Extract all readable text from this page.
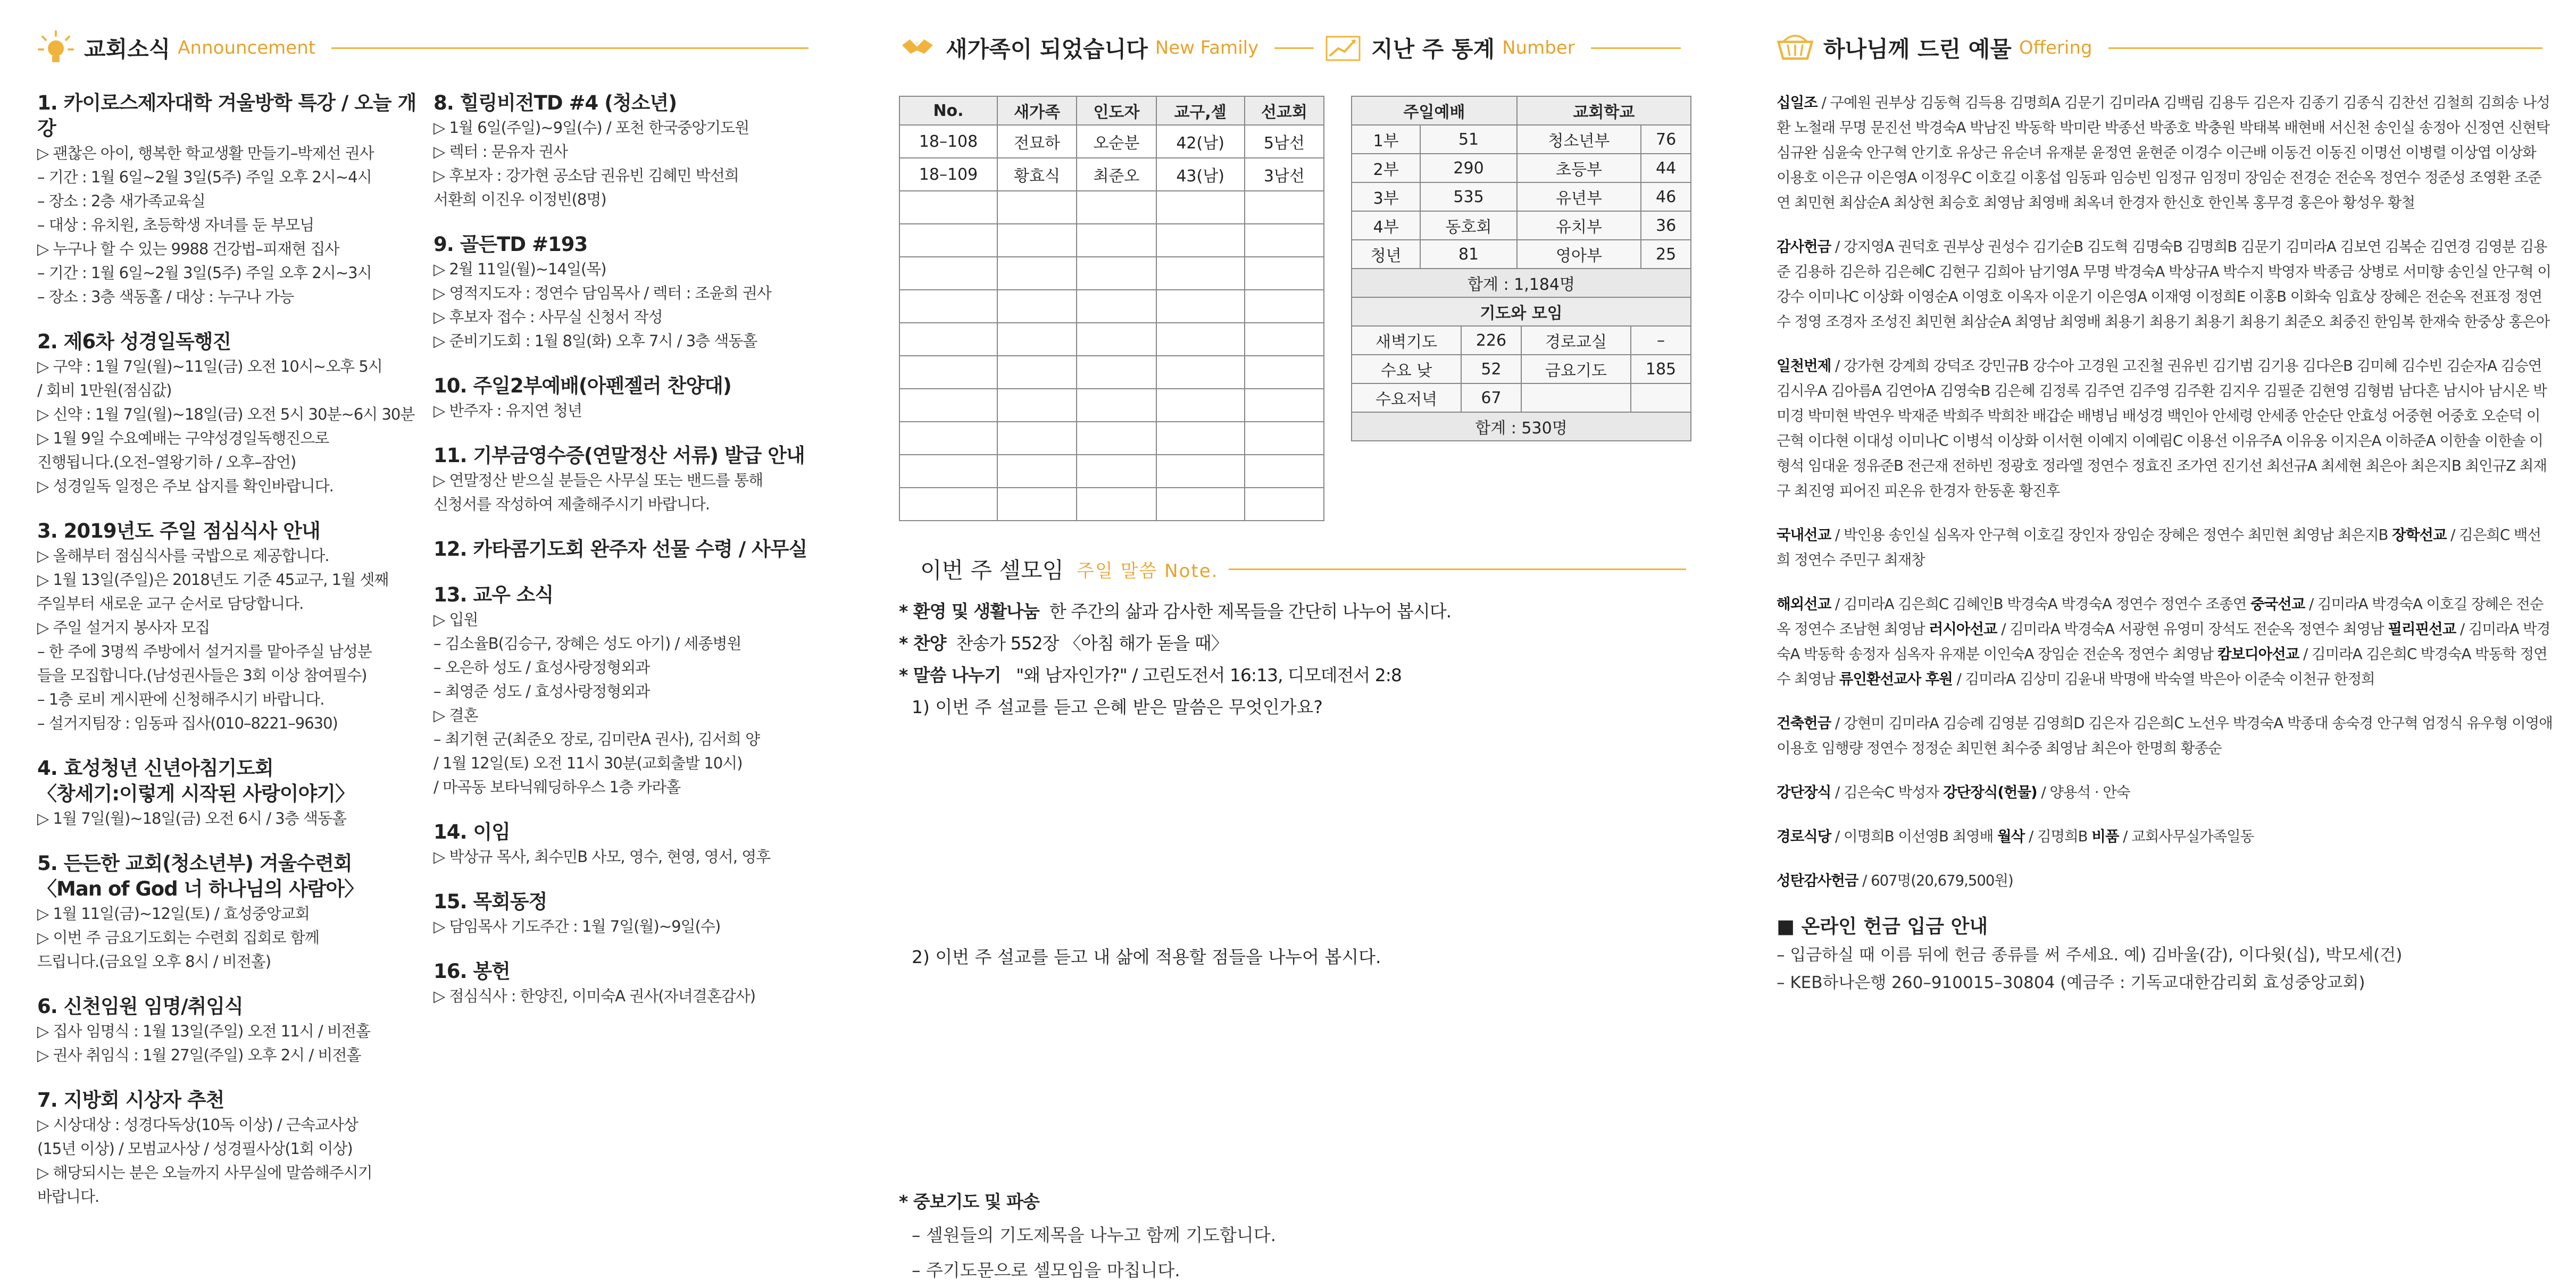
교회소식 Announcement
1. 카이로스제자대학 겨울방학 특강 / 오늘 개강
▷ 괜찮은 아이, 행복한 학교생활 만들기–박제선 권사
– 기간 : 1월 6일~2월 3일(5주) 주일 오후 2시~4시
– 장소 : 2층 새가족교육실
– 대상 : 유치원, 초등학생 자녀를 둔 부모님
▷ 누구나 할 수 있는 9988 건강법–피재현 집사
– 기간 : 1월 6일~2월 3일(5주) 주일 오후 2시~3시
– 장소 : 3층 색동홀 / 대상 : 누구나 가능
2. 제6차 성경일독행진
▷ 구약 : 1월 7일(월)~11일(금) 오전 10시~오후 5시
/ 회비 1만원(점심값)
▷ 신약 : 1월 7일(월)~18일(금) 오전 5시 30분~6시 30분
▷ 1월 9일 수요예배는 구약성경일독행진으로
진행됩니다.(오전–열왕기하 / 오후–잠언)
▷ 성경일독 일정은 주보 삽지를 확인바랍니다.
3. 2019년도 주일 점심식사 안내
▷ 올해부터 점심식사를 국밥으로 제공합니다.
▷ 1월 13일(주일)은 2018년도 기준 45교구, 1월 셋째
주일부터 새로운 교구 순서로 담당합니다.
▷ 주일 설거지 봉사자 모집
– 한 주에 3명씩 주방에서 설거지를 맡아주실 남성분
들을 모집합니다.(남성권사들은 3회 이상 참여필수)
– 1층 로비 게시판에 신청해주시기 바랍니다.
– 설거지팀장 : 임동파 집사(010–8221–9630)
4. 효성청년 신년아침기도회
〈창세기:이렇게 시작된 사랑이야기〉
▷ 1월 7일(월)~18일(금) 오전 6시 / 3층 색동홀
5. 든든한 교회(청소년부) 겨울수련회
〈Man of God 너 하나님의 사람아〉
▷ 1월 11일(금)~12일(토) / 효성중앙교회
▷ 이번 주 금요기도회는 수련회 집회로 함께
드립니다.(금요일 오후 8시 / 비전홀)
6. 신천임원 임명/취임식
▷ 집사 임명식 : 1월 13일(주일) 오전 11시 / 비전홀
▷ 권사 취임식 : 1월 27일(주일) 오후 2시 / 비전홀
7. 지방회 시상자 추천
▷ 시상대상 : 성경다독상(10독 이상) / 근속교사상
(15년 이상) / 모범교사상 / 성경필사상(1회 이상)
▷ 해당되시는 분은 오늘까지 사무실에 말씀해주시기
바랍니다.
8. 힐링비전TD #4 (청소년)
▷ 1월 6일(주일)~9일(수) / 포천 한국중앙기도원
▷ 렉터 : 문유자 권사
▷ 후보자 : 강가현 공소담 권유빈 김혜민 박선희
서환희 이진우 이정빈(8명)
9. 골든TD #193
▷ 2월 11일(월)~14일(목)
▷ 영적지도자 : 정연수 담임목사 / 렉터 : 조윤희 권사
▷ 후보자 접수 : 사무실 신청서 작성
▷ 준비기도회 : 1월 8일(화) 오후 7시 / 3층 색동홀
10. 주일2부예배(아펜젤러 찬양대)
▷ 반주자 : 유지연 청년
11. 기부금영수증(연말정산 서류) 발급 안내
▷ 연말정산 받으실 분들은 사무실 또는 밴드를 통해
신청서를 작성하여 제출해주시기 바랍니다.
12. 카타콤기도회 완주자 선물 수령 / 사무실
13. 교우 소식
▷ 입원
– 김소율B(김승구, 장혜은 성도 아기) / 세종병원
– 오은하 성도 / 효성사랑정형외과
– 최영준 성도 / 효성사랑정형외과
▷ 결혼
– 최기현 군(최준오 장로, 김미란A 권사), 김서희 양
/ 1월 12일(토) 오전 11시 30분(교회출발 10시)
/ 마곡동 보타닉웨딩하우스 1층 카라홀
14. 이임
▷ 박상규 목사, 최수민B 사모, 영수, 현영, 영서, 영후
15. 목회동정
▷ 담임목사 기도주간 : 1월 7일(월)~9일(수)
16. 봉헌
▷ 점심식사 : 한양진, 이미숙A 권사(자녀결혼감사)
새가족이 되었습니다 New Family	지난 주 통계 Number
No.	새가족	인도자	교구,셀	선교회
18–108	전묘하	오순분	42(남)	5남선
18–109	황효식	최준오	43(남)	3남선

주일예배		교회학교	
1부	51	청소년부	76
2부	290	초등부	44
3부	535	유년부	46
4부	동호회	유치부	36
청년	81	영아부	25
합계 : 1,184명			
기도와 모임			
새벽기도	226	경로교실	–
수요 낮	52	금요기도	185
수요저녁	67		
합계 : 530명			
이번 주 셀모임 주일 말씀 Note.
* 환영 및 생활나눔 한 주간의 삶과 감사한 제목들을 간단히 나누어 봅시다.
* 찬양 찬송가 552장 〈아침 해가 돋을 때〉
* 말씀 나누기 "왜 남자인가?" / 고린도전서 16:13, 디모데전서 2:8
1) 이번 주 설교를 듣고 은혜 받은 말씀은 무엇인가요?
2) 이번 주 설교를 듣고 내 삶에 적용할 점들을 나누어 봅시다.
* 중보기도 및 파송
– 셀원들의 기도제목을 나누고 함께 기도합니다.
– 주기도문으로 셀모임을 마칩니다.
하나님께 드린 예물 Offering
십일조 / 구예원 권부상 김동혁 김득용 김명희A 김문기 김미라A 김백림 김용두 김은자 김종기 김종식 김찬선 김철희 김희송 나성환 노철래 무명 문진선 박경숙A 박남진 박동학 박미란 박종선 박종호 박충원 박태복 배현배 서신천 송인실 송정아 신정연 신현탁 심규완 심윤숙 안구혁 안기호 유상근 유순녀 유재분 윤정연 윤현준 이경수 이근배 이동건 이동진 이명선 이병렬 이상엽 이상화 이용호 이은규 이은영A 이정우C 이호길 이홍섭 임동파 임승빈 임정규 임정미 장임순 전경순 전순옥 정연수 정준성 조영환 조준연 최민현 최삼순A 최상현 최승호 최영남 최영배 최옥녀 한경자 한신호 한인복 홍무경 홍은아 황성우 황철
감사헌금 / 강지영A 권덕호 권부상 권성수 김기순B 김도혁 김명숙B 김명희B 김문기 김미라A 김보연 김복순 김연경 김영분 김용준 김용하 김은하 김은혜C 김현구 김희아 남기영A 무명 박경숙A 박상규A 박수지 박영자 박종금 상병로 서미향 송인실 안구혁 이강수 이미나C 이상화 이영순A 이영호 이옥자 이운기 이은영A 이재영 이정희E 이홍B 이화숙 임효상 장혜은 전순옥 전표정 정연수 정영 조경자 조성진 최민현 최삼순A 최영남 최영배 최용기 최용기 최용기 최용기 최준오 최중진 한임복 한재숙 한중상 홍은아
일천번제 / 강가현 강계희 강덕조 강민규B 강수아 고경원 고진철 권유빈 김기범 김기용 김다은B 김미혜 김수빈 김순자A 김승연 김시우A 김아름A 김연아A 김영숙B 김은혜 김정록 김주연 김주영 김주환 김지우 김필준 김현영 김형범 남다흔 남시아 남시온 박미경 박미현 박연우 박재준 박희주 박희찬 배갑순 배병님 배성경 백인아 안세령 안세종 안순단 안효성 어중현 어중호 오순덕 이근혁 이다현 이대성 이미나C 이병석 이상화 이서현 이예지 이예림C 이용선 이유주A 이유옹 이지은A 이하준A 이한솔 이한솔 이형석 임대윤 정유준B 전근재 전하빈 정광호 정라엘 정연수 정효진 조가연 진기선 최선규A 최세현 최은아 최은지B 최인규Z 최재구 최진영 피어진 피온유 한경자 한동훈 황진후
국내선교 / 박인용 송인실 심옥자 안구혁 이호길 장인자 장임순 장혜은 정연수 최민현 최영남 최은지B 장학선교 / 김은희C 백선희 정연수 주민구 최재창
해외선교 / 김미라A 김은희C 김혜인B 박경숙A 박경숙A 정연수 정연수 조종연 중국선교 / 김미라A 박경숙A 이호길 장혜은 전순옥 정연수 조남현 최영남 러시아선교 / 김미라A 박경숙A 서광현 유영미 장석도 전순옥 정연수 최영남 필리핀선교 / 김미라A 박경숙A 박동학 송정자 심옥자 유재분 이인숙A 장임순 전순옥 정연수 최영남 캄보디아선교 / 김미라A 김은희C 박경숙A 박동학 정연수 최영남 류인환선교사 후원 / 김미라A 김상미 김윤내 박명애 박숙열 박은아 이준숙 이천규 한정희
건축헌금 / 강현미 김미라A 김승례 김영분 김영희D 김은자 김은희C 노선우 박경숙A 박종대 송숙경 안구혁 엄정식 유우형 이영애 이용호 임행량 정연수 정정순 최민현 최수중 최영남 최은아 한명희 황종순
강단장식 / 김은숙C 박성자 강단장식(헌물) / 양용석 · 안숙
경로식당 / 이명희B 이선영B 최영배 월삭 / 김명희B 비품 / 교회사무실가족일동
성탄감사헌금 / 607명(20,679,500원)
■ 온라인 헌금 입금 안내
– 입금하실 때 이름 뒤에 헌금 종류를 써 주세요. 예) 김바울(감), 이다윗(십), 박모세(건)
– KEB하나은행 260–910015–30804 (예금주 : 기독교대한감리회 효성중앙교회)
